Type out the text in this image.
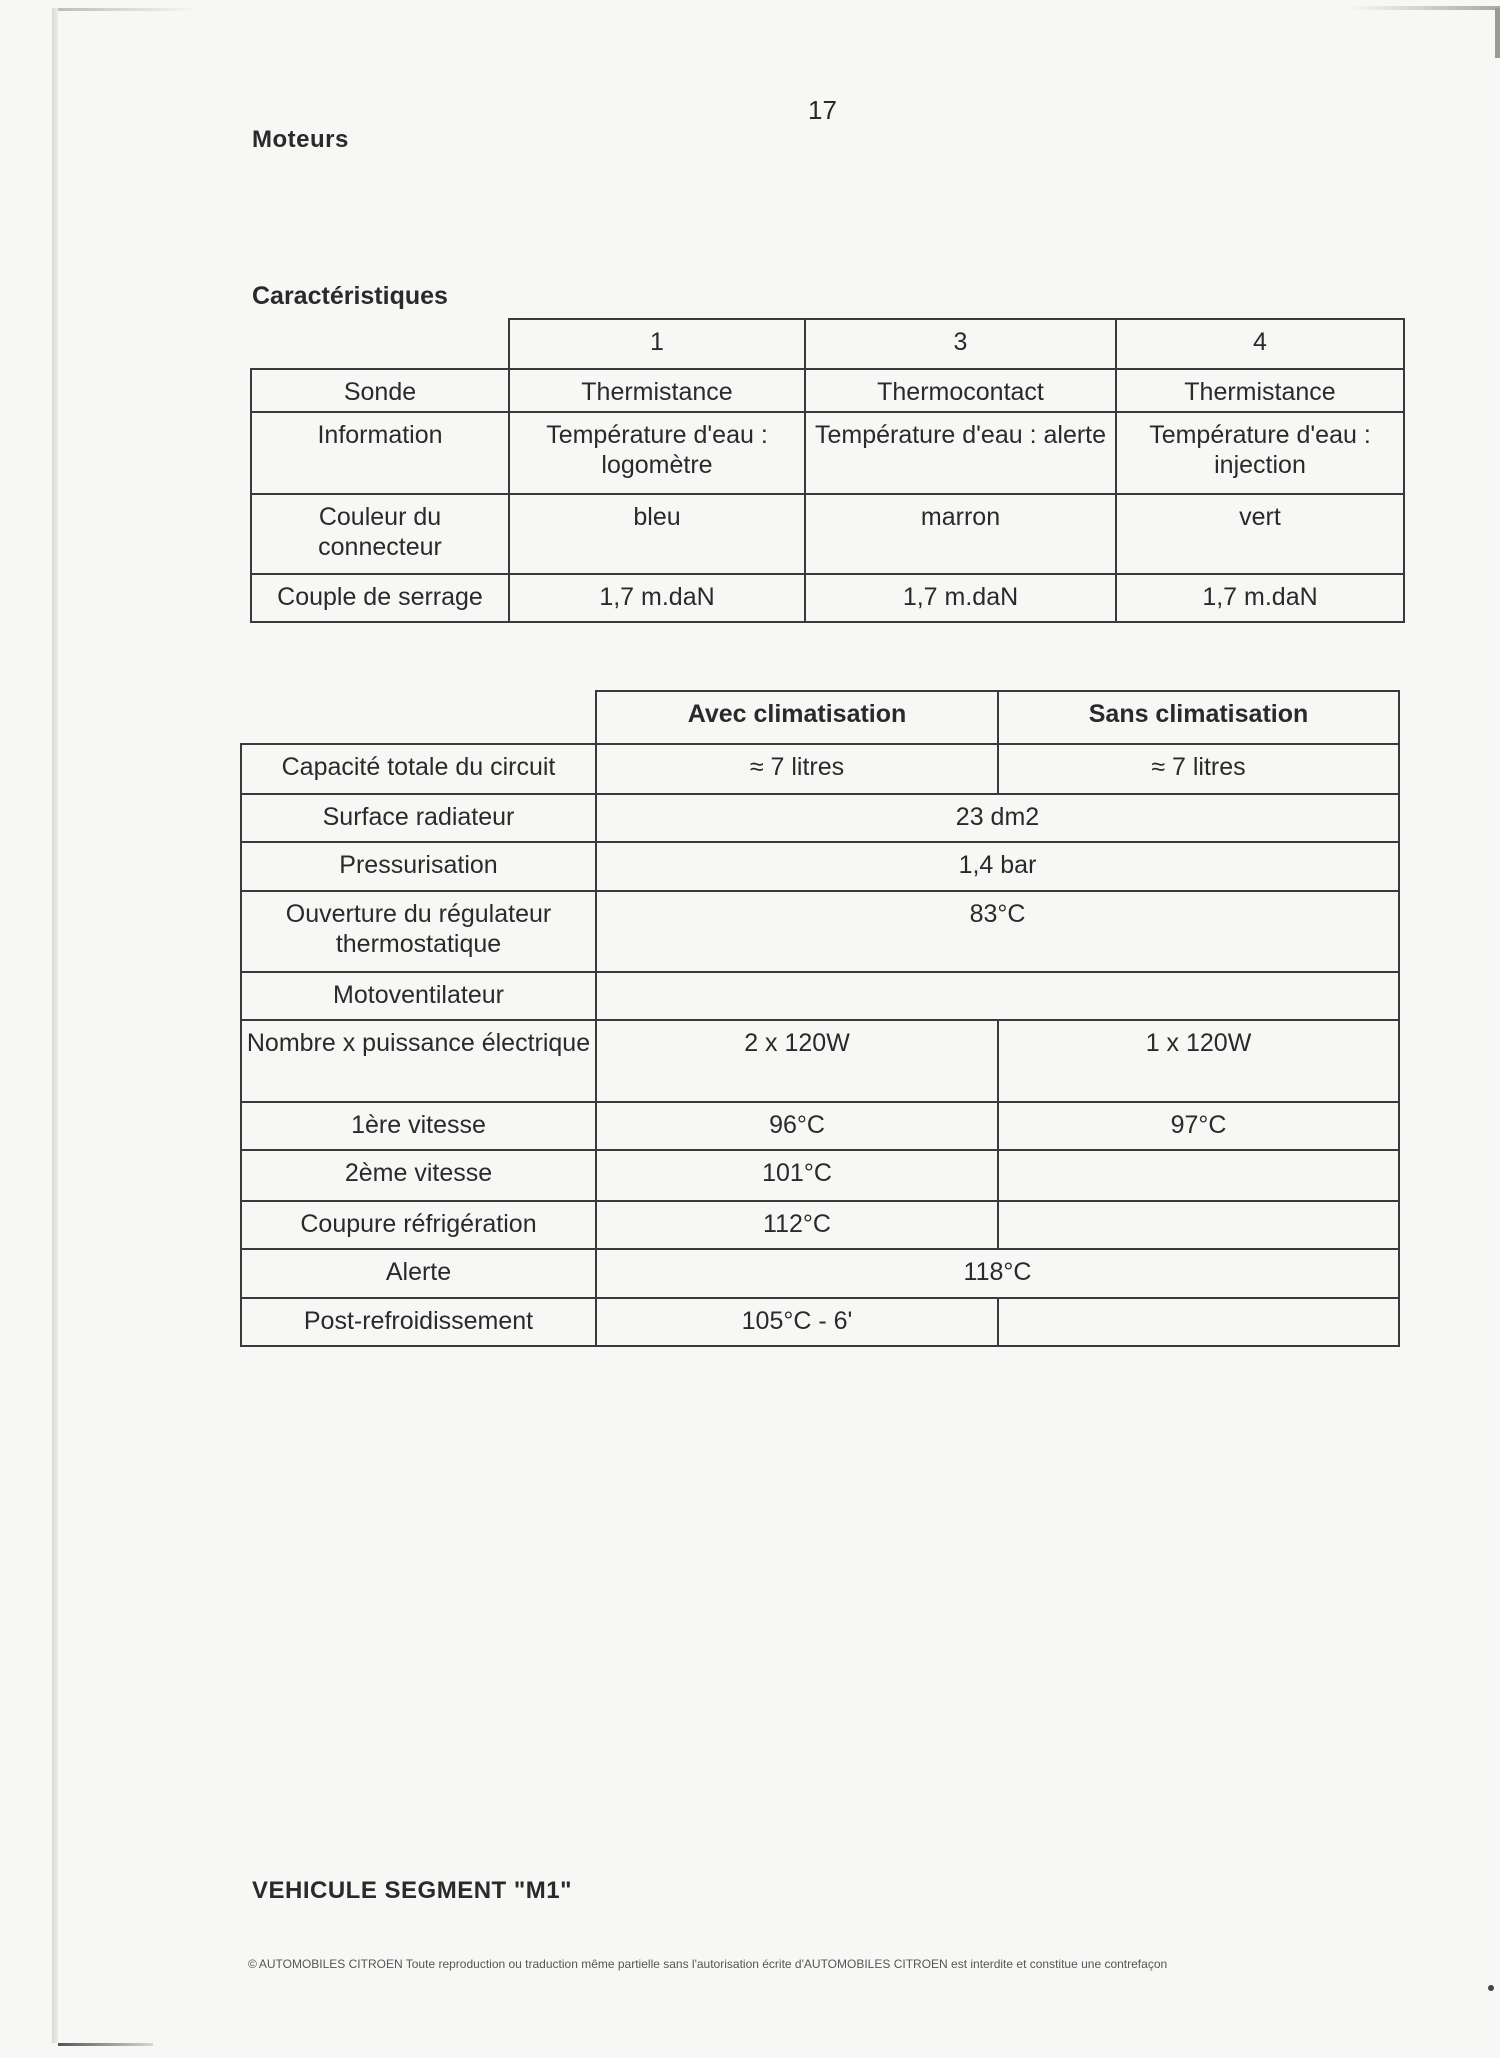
17
Moteurs
Caractéristiques
	1	3	4
Sonde	Thermistance	Thermocontact	Thermistance
Information	Température d'eau : logomètre	Température d'eau : alerte	Température d'eau : injection
Couleur du connecteur	bleu	marron	vert
Couple de serrage	1,7 m.daN	1,7 m.daN	1,7 m.daN
	Avec climatisation	Sans climatisation
Capacité totale du circuit	≈ 7 litres	≈ 7 litres
Surface radiateur	23 dm2	
Pressurisation	1,4 bar	
Ouverture du régulateur thermostatique	83°C	
Motoventilateur		
Nombre x puissance électrique	2 x 120W	1 x 120W
1ère vitesse	96°C	97°C
2ème vitesse	101°C	
Coupure réfrigération	112°C	
Alerte	118°C	
Post-refroidissement	105°C - 6'	
VEHICULE SEGMENT "M1"
© AUTOMOBILES CITROEN Toute reproduction ou traduction même partielle sans l'autorisation écrite d'AUTOMOBILES CITROEN est interdite et constitue une contrefaçon
